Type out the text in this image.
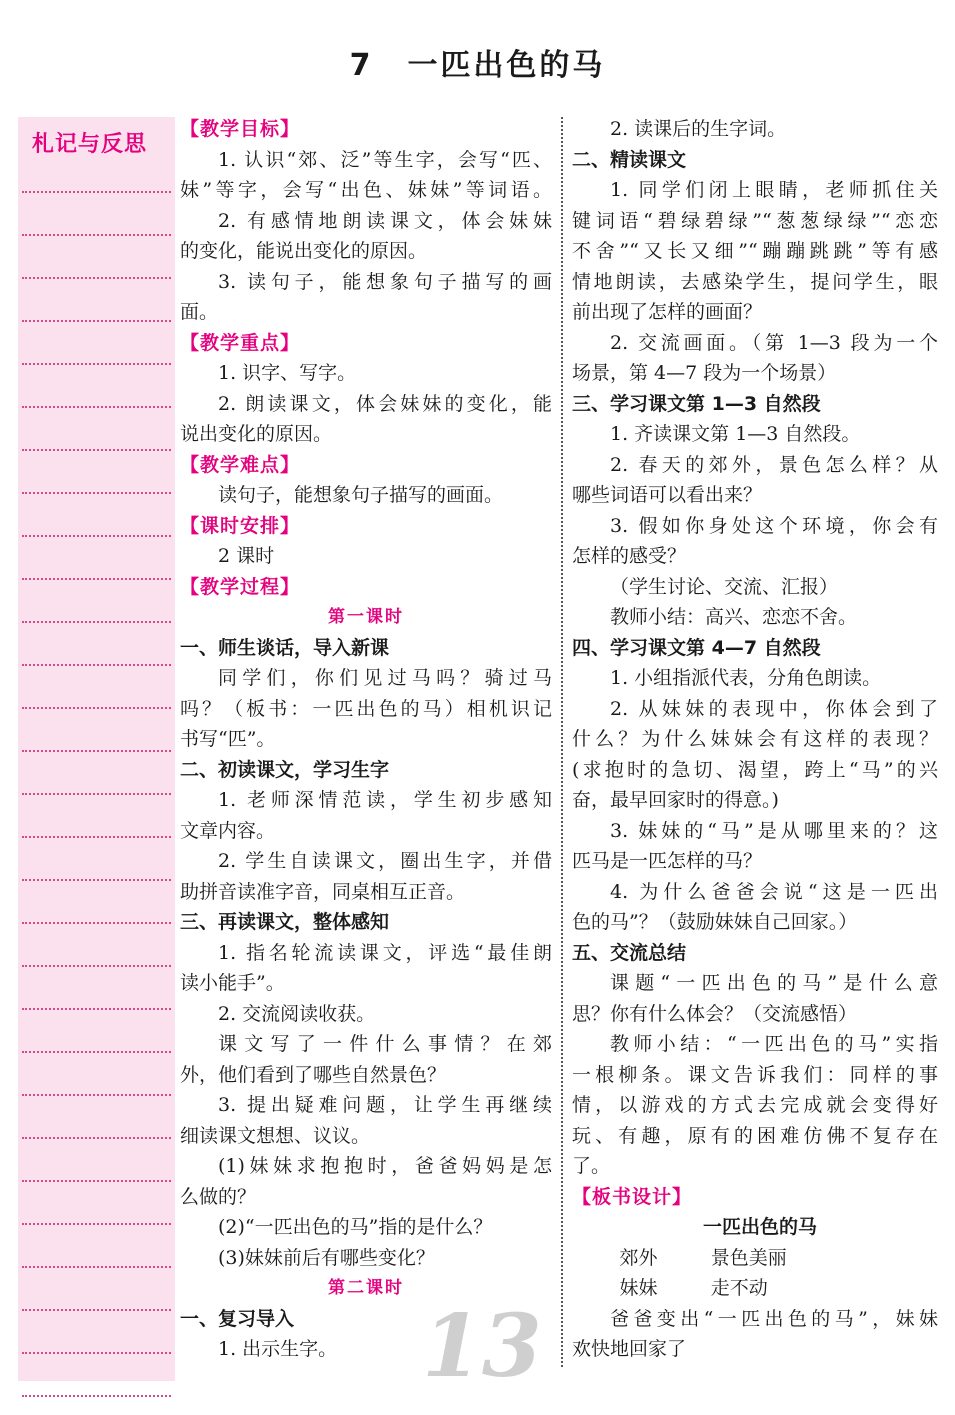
7 一匹出色的马
札记与反思
【教学目标】
1. 认识“郊、泛”等生字，会写“匹、
妹”等字，会写“出色、妹妹”等词语。
2. 有感情地朗读课文，体会妹妹
的变化，能说出变化的原因。
3. 读句子，能想象句子描写的画
面。
【教学重点】
1. 识字、写字。
2. 朗读课文，体会妹妹的变化，能
说出变化的原因。
【教学难点】
读句子，能想象句子描写的画面。
【课时安排】
2 课时
【教学过程】
第一课时
一、师生谈话，导入新课
同学们，你们见过马吗？骑过马
吗？（板书：一匹出色的马）相机识记
书写“匹”。
二、初读课文，学习生字
1. 老师深情范读，学生初步感知
文章内容。
2. 学生自读课文，圈出生字，并借
助拼音读准字音，同桌相互正音。
三、再读课文，整体感知
1. 指名轮流读课文，评选“最佳朗
读小能手”。
2. 交流阅读收获。
课文写了一件什么事情？在郊
外，他们看到了哪些自然景色？
3. 提出疑难问题，让学生再继续
细读课文想想、议议。
(1)妹妹求抱抱时，爸爸妈妈是怎
么做的？
(2)“一匹出色的马”指的是什么？
(3)妹妹前后有哪些变化？
第二课时
一、复习导入
1. 出示生字。
2. 读课后的生字词。
二、精读课文
1. 同学们闭上眼睛，老师抓住关
键词语“碧绿碧绿”“葱葱绿绿”“恋恋
不舍”“又长又细”“蹦蹦跳跳”等有感
情地朗读，去感染学生，提问学生，眼
前出现了怎样的画面？
2. 交流画面。（第 1—3 段为一个
场景，第 4—7 段为一个场景）
三、学习课文第 1—3 自然段
1. 齐读课文第 1—3 自然段。
2. 春天的郊外，景色怎么样？从
哪些词语可以看出来？
3. 假如你身处这个环境，你会有
怎样的感受？
（学生讨论、交流、汇报）
教师小结：高兴、恋恋不舍。
四、学习课文第 4—7 自然段
1. 小组指派代表，分角色朗读。
2. 从妹妹的表现中，你体会到了
什么？为什么妹妹会有这样的表现？
(求抱时的急切、渴望，跨上“马”的兴
奋，最早回家时的得意。)
3. 妹妹的“马”是从哪里来的？这
匹马是一匹怎样的马？
4. 为什么爸爸会说“这是一匹出
色的马”？（鼓励妹妹自己回家。）
五、交流总结
课题“一匹出色的马”是什么意
思？你有什么体会？（交流感悟）
教师小结：“一匹出色的马”实指
一根柳条。课文告诉我们：同样的事
情，以游戏的方式去完成就会变得好
玩、有趣，原有的困难仿佛不复存在
了。
【板书设计】
一匹出色的马
郊外	景色美丽
妹妹	走不动
爸爸变出“一匹出色的马”，妹妹
欢快地回家了
13
